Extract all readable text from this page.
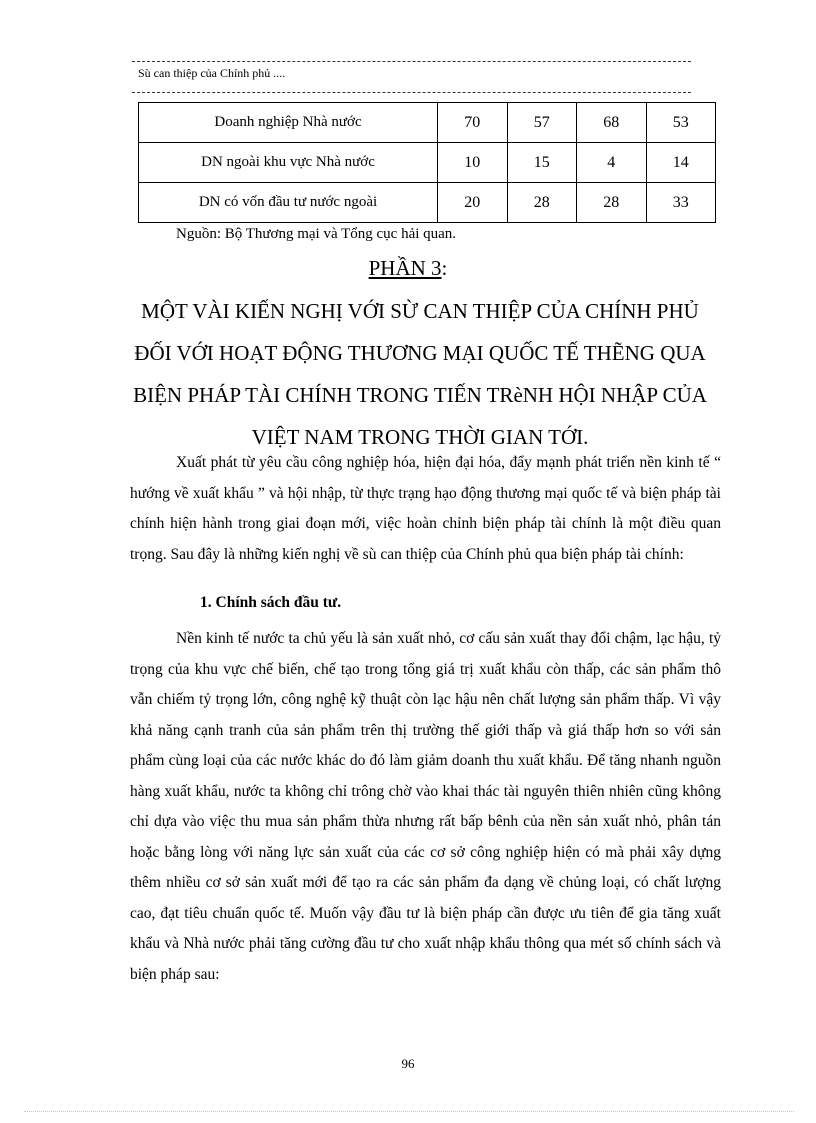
Sù can thiệp của Chính phủ ....
Doanh nghiệp Nhà nước	70	57	68	53
DN ngoài khu vực Nhà nước	10	15	4	14
DN có vốn đầu tư nước ngoài	20	28	28	33
Nguồn: Bộ Thương mại và Tổng cục hải quan.
PHẦN 3:
MỘT VÀI KIẾN NGHỊ VỚI SỪ CAN THIỆP CỦA CHÍNH PHỦ
ĐỐI VỚI HOẠT ĐỘNG THƯƠNG MẠI QUỐC TẾ THẼNG QUA
BIỆN PHÁP TÀI CHÍNH TRONG TIẾN TRèNH HỘI NHẬP CỦA
VIỆT NAM TRONG THỜI GIAN TỚI.

Xuất phát từ yêu cầu công nghiệp hóa, hiện đại hóa, đẩy mạnh phát triển nền kinh tế “ hướng về xuất khẩu ” và hội nhập, từ thực trạng hạo động thương mại quốc tế và biện pháp tài chính hiện hành trong giai đoạn mới, việc hoàn chỉnh biện pháp tài chính là một điều quan trọng. Sau đây là những kiến nghị về sù can thiệp của Chính phủ qua biện pháp tài chính:

1. Chính sách đầu tư.

Nền kinh tế nước ta chủ yếu là sản xuất nhỏ, cơ cấu sản xuất thay đổi chậm, lạc hậu, tỷ trọng của khu vực chế biến, chế tạo trong tổng giá trị xuất khẩu còn thấp, các sản phẩm thô vẫn chiếm tỷ trọng lớn, công nghệ kỹ thuật còn lạc hậu nên chất lượng sản phẩm thấp. Vì vậy khả năng cạnh tranh của sản phẩm trên thị trường thế giới thấp và giá thấp hơn so với sản phẩm cùng loại của các nước khác do đó làm giảm doanh thu xuất khẩu. Để tăng nhanh nguồn hàng xuất khẩu, nước ta không chỉ trông chờ vào khai thác tài nguyên thiên nhiên cũng không chỉ dựa vào việc thu mua sản phẩm thừa nhưng rất bấp bênh của nền sản xuất nhỏ, phân tán hoặc bằng lòng với năng lực sản xuất của các cơ sở công nghiệp hiện có mà phải xây dựng thêm nhiều cơ sở sản xuất mới để tạo ra các sản phẩm đa dạng về chủng loại, có chất lượng cao, đạt tiêu chuẩn quốc tế. Muốn vậy đầu tư là biện pháp cần được ưu tiên để gia tăng xuất khẩu và Nhà nước phải tăng cường đầu tư cho xuất nhập khẩu thông qua mét số chính sách và biện pháp sau:

96
